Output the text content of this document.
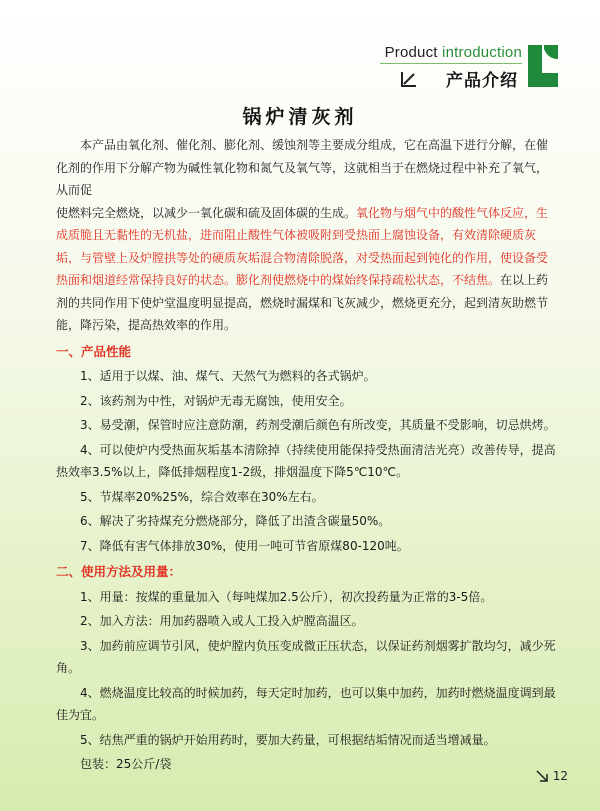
Product introduction
产品介绍
锅炉清灰剂

本产品由氧化剂、催化剂、膨化剂、缓蚀剂等主要成分组成，它在高温下进行分解，在催化剂的作用下分解产物为碱性氧化物和氮气及氧气等，这就相当于在燃烧过程中补充了氧气，从而促

使燃料完全燃烧，以减少一氧化碳和硫及固体碳的生成。氧化物与烟气中的酸性气体反应，生成质脆且无黏性的无机盐，进而阻止酸性气体被吸附到受热面上腐蚀设备，有效清除硬质灰垢，与管壁上及炉膛拱等处的硬质灰垢混合物清除脱落，对受热面起到钝化的作用，使设备受热面和烟道经常保持良好的状态。膨化剂使燃烧中的煤始终保持疏松状态，不结焦。在以上药剂的共同作用下使炉堂温度明显提高，燃烧时漏煤和飞灰减少，燃烧更充分，起到清灰助燃节能，降污染，提高热效率的作用。

一、产品性能

1、适用于以煤、油、煤气、天然气为燃料的各式锅炉。

2、该药剂为中性，对锅炉无毒无腐蚀，使用安全。

3、易受潮，保管时应注意防潮，药剂受潮后颜色有所改变，其质量不受影响，切忌烘烤。

4、可以使炉内受热面灰垢基本清除掉（持续使用能保持受热面清洁光亮）改善传导，提高热效率3.5%以上，降低排烟程度1-2级，排烟温度下降5℃10℃。

5、节煤率20%25%，综合效率在30%左右。

6、解决了劣持煤充分燃烧部分，降低了出渣含碳量50%。

7、降低有害气体排放30%，使用一吨可节省原煤80-120吨。

二、使用方法及用量：

1、用量：按煤的重量加入（每吨煤加2.5公斤），初次投药量为正常的3-5倍。

2、加入方法：用加药器喷入或人工投入炉膛高温区。

3、加药前应调节引风，使炉膛内负压变成微正压状态，以保证药剂烟雾扩散均匀，减少死角。

4、燃烧温度比较高的时候加药，每天定时加药，也可以集中加药，加药时燃烧温度调到最佳为宜。

5、结焦严重的锅炉开始用药时，要加大药量，可根据结垢情况而适当增减量。

包装：25公斤/袋

12
